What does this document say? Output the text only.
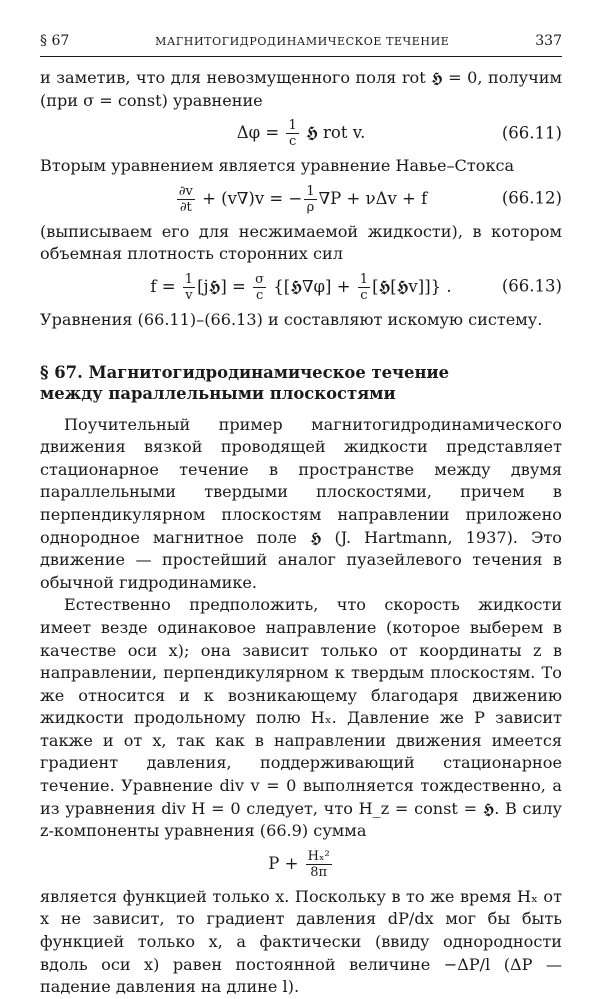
§ 67	МАГНИТОГИДРОДИНАМИЧЕСКОЕ ТЕЧЕНИЕ	337

и заметив, что для невозмущенного поля rot 𝕳 = 0, получим (при σ = const) уравнение

$\Delta\varphi = \frac{1}{c}$ 𝕳 rot v.	(66.11)

Вторым уравнением является уравнение Навье–Стокса

$\frac{\partial v}{\partial t} + (v\nabla)v$ = − $\frac{1}{\rho} \nabla P + \nu\Delta v + f$	(66.12)

(выписываем его для несжимаемой жидкости), в котором объемная плотность сторонних сил

$f = \frac{1}{v}$ [j𝕳] = $\frac{\sigma}{c}$ {[𝕳∇φ] + $\frac{1}{c}$ [𝕳[𝕳v]]} .	(66.13)

Уравнения (66.11)–(66.13) и составляют искомую систему.

§ 67. Магнитогидродинамическое течение
между параллельными плоскостями

Поучительный пример магнитогидродинамического движения вязкой проводящей жидкости представляет стационарное течение в пространстве между двумя параллельными твердыми плоскостями, причем в перпендикулярном плоскостям направлении приложено однородное магнитное поле 𝕳 (J. Hartmann, 1937). Это движение — простейший аналог пуазейлевого течения в обычной гидродинамике.

Естественно предположить, что скорость жидкости имеет везде одинаковое направление (которое выберем в качестве оси x); она зависит только от координаты z в направлении, перпендикулярном к твердым плоскостям. То же относится и к возникающему благодаря движению жидкости продольному полю Hₓ. Давление же P зависит также и от x, так как в направлении движения имеется градиент давления, поддерживающий стационарное течение. Уравнение div v = 0 выполняется тождественно, а из уравнения div H = 0 следует, что H_z = const = 𝕳. В силу z-компоненты уравнения (66.9) сумма

$P + \frac{\text{Hₓ²}}{8\pi}$

является функцией только x. Поскольку в то же время Hₓ от x не зависит, то градиент давления dP/dx мог бы быть функцией только x, а фактически (ввиду однородности вдоль оси x) равен постоянной величине −ΔP/l (ΔP — падение давления на длине l).
